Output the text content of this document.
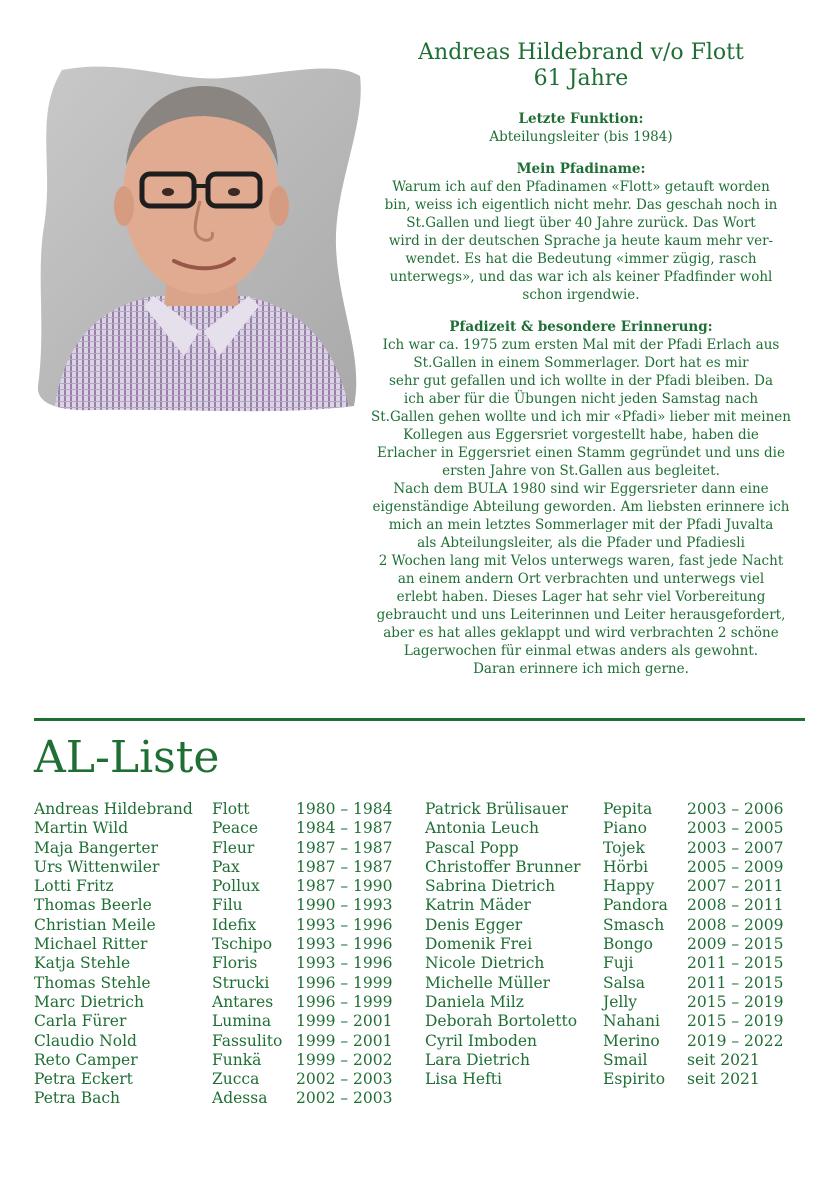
Andreas Hildebrand v/o Flott
61 Jahre
Letzte Funktion:
Abteilungsleiter (bis 1984)
Mein Pfadiname:
Warum ich auf den Pfadinamen «Flott» getauft worden
bin, weiss ich eigentlich nicht mehr. Das geschah noch in
St.Gallen und liegt über 40 Jahre zurück. Das Wort
wird in der deutschen Sprache ja heute kaum mehr ver-
wendet. Es hat die Bedeutung «immer zügig, rasch
unterwegs», und das war ich als keiner Pfadfinder wohl
schon irgendwie.
Pfadizeit & besondere Erinnerung:
Ich war ca. 1975 zum ersten Mal mit der Pfadi Erlach aus
St.Gallen in einem Sommerlager. Dort hat es mir
sehr gut gefallen und ich wollte in der Pfadi bleiben. Da
ich aber für die Übungen nicht jeden Samstag nach
St.Gallen gehen wollte und ich mir «Pfadi» lieber mit meinen
Kollegen aus Eggersriet vorgestellt habe, haben die
Erlacher in Eggersriet einen Stamm gegründet und uns die
ersten Jahre von St.Gallen aus begleitet.
Nach dem BULA 1980 sind wir Eggersrieter dann eine
eigenständige Abteilung geworden. Am liebsten erinnere ich
mich an mein letztes Sommerlager mit der Pfadi Juvalta
als Abteilungsleiter, als die Pfader und Pfadiesli
2 Wochen lang mit Velos unterwegs waren, fast jede Nacht
an einem andern Ort verbrachten und unterwegs viel
erlebt haben. Dieses Lager hat sehr viel Vorbereitung
gebraucht und uns Leiterinnen und Leiter herausgefordert,
aber es hat alles geklappt und wird verbrachten 2 schöne
Lagerwochen für einmal etwas anders als gewohnt.
Daran erinnere ich mich gerne.
AL-Liste
Andreas Hildebrand	Flott	1980 – 1984
Martin Wild	Peace	1984 – 1987
Maja Bangerter	Fleur	1987 – 1987
Urs Wittenwiler	Pax	1987 – 1987
Lotti Fritz	Pollux	1987 – 1990
Thomas Beerle	Filu	1990 – 1993
Christian Meile	Idefix	1993 – 1996
Michael Ritter	Tschipo	1993 – 1996
Katja Stehle	Floris	1993 – 1996
Thomas Stehle	Strucki	1996 – 1999
Marc Dietrich	Antares	1996 – 1999
Carla Fürer	Lumina	1999 – 2001
Claudio Nold	Fassulito 1999 – 2001
Reto Camper	Funkä	1999 – 2002
Petra Eckert	Zucca	2002 – 2003
Petra Bach	Adessa	2002 – 2003
Patrick Brülisauer	Pepita	2003 – 2006
Antonia Leuch	Piano	2003 – 2005
Pascal Popp	Tojek	2003 – 2007
Christoffer Brunner	Hörbi	2005 – 2009
Sabrina Dietrich	Happy	2007 – 2011
Katrin Mäder	Pandora	2008 – 2011
Denis Egger	Smasch	2008 – 2009
Domenik Frei	Bongo	2009 – 2015
Nicole Dietrich	Fuji	2011 – 2015
Michelle Müller	Salsa	2011 – 2015
Daniela Milz	Jelly	2015 – 2019
Deborah Bortoletto	Nahani	2015 – 2019
Cyril Imboden	Merino	2019 – 2022
Lara Dietrich	Smail	seit 2021
Lisa Hefti	Espirito	seit 2021
